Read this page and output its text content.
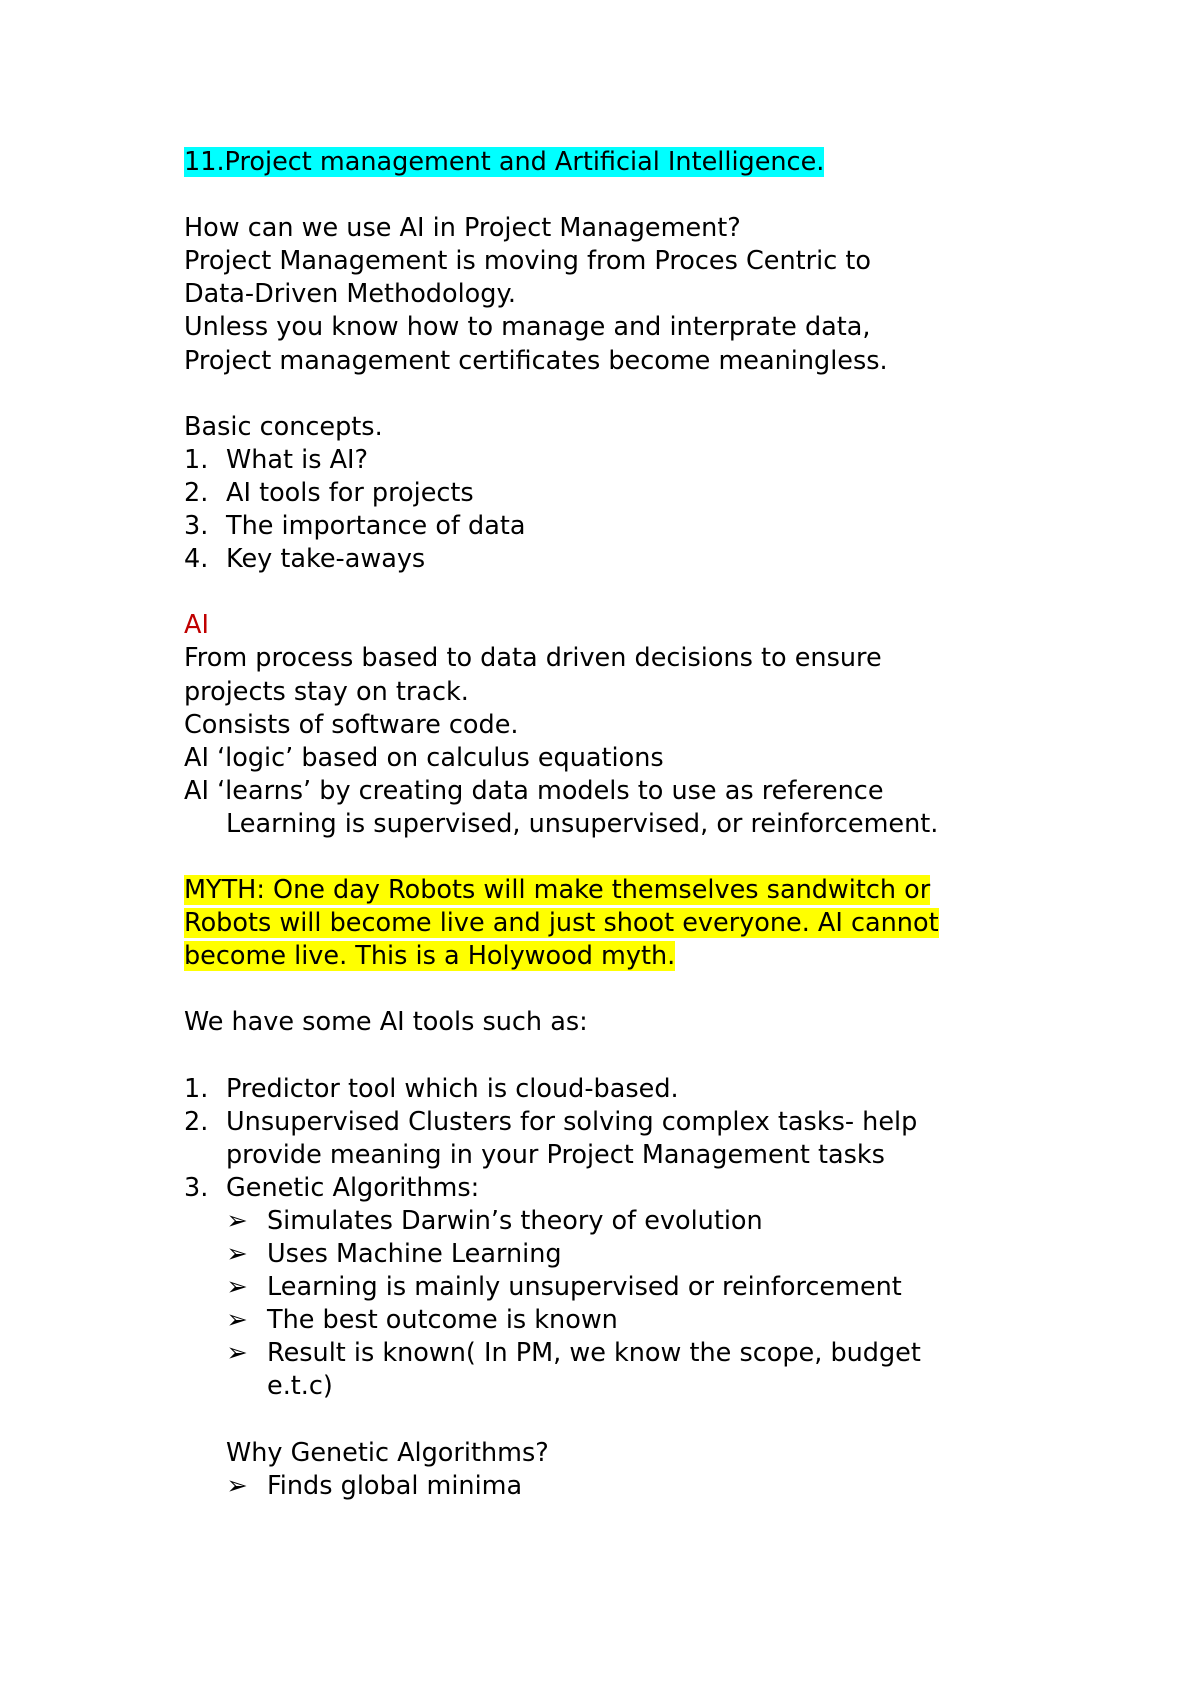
11.Project management and Artificial Intelligence.
How can we use AI in Project Management?
Project Management is moving from Proces Centric to
Data-Driven Methodology.
Unless you know how to manage and interprate data,
Project management certificates become meaningless.
Basic concepts.
1. What is AI?
2. AI tools for projects
3. The importance of data
4. Key take-aways
AI
From process based to data driven decisions to ensure
projects stay on track.
Consists of software code.
AI ‘logic’ based on calculus equations
AI ‘learns’ by creating data models to use as reference
Learning is supervised, unsupervised, or reinforcement.
MYTH: One day Robots will make themselves sandwitch or
Robots will become live and just shoot everyone. AI cannot
become live. This is a Holywood myth.
We have some AI tools such as:
1. Predictor tool which is cloud-based.
2. Unsupervised Clusters for solving complex tasks- help
provide meaning in your Project Management tasks
3. Genetic Algorithms:
➢ Simulates Darwin’s theory of evolution
➢ Uses Machine Learning
➢ Learning is mainly unsupervised or reinforcement
➢ The best outcome is known
➢ Result is known( In PM, we know the scope, budget
e.t.c)
Why Genetic Algorithms?
➢ Finds global minima
